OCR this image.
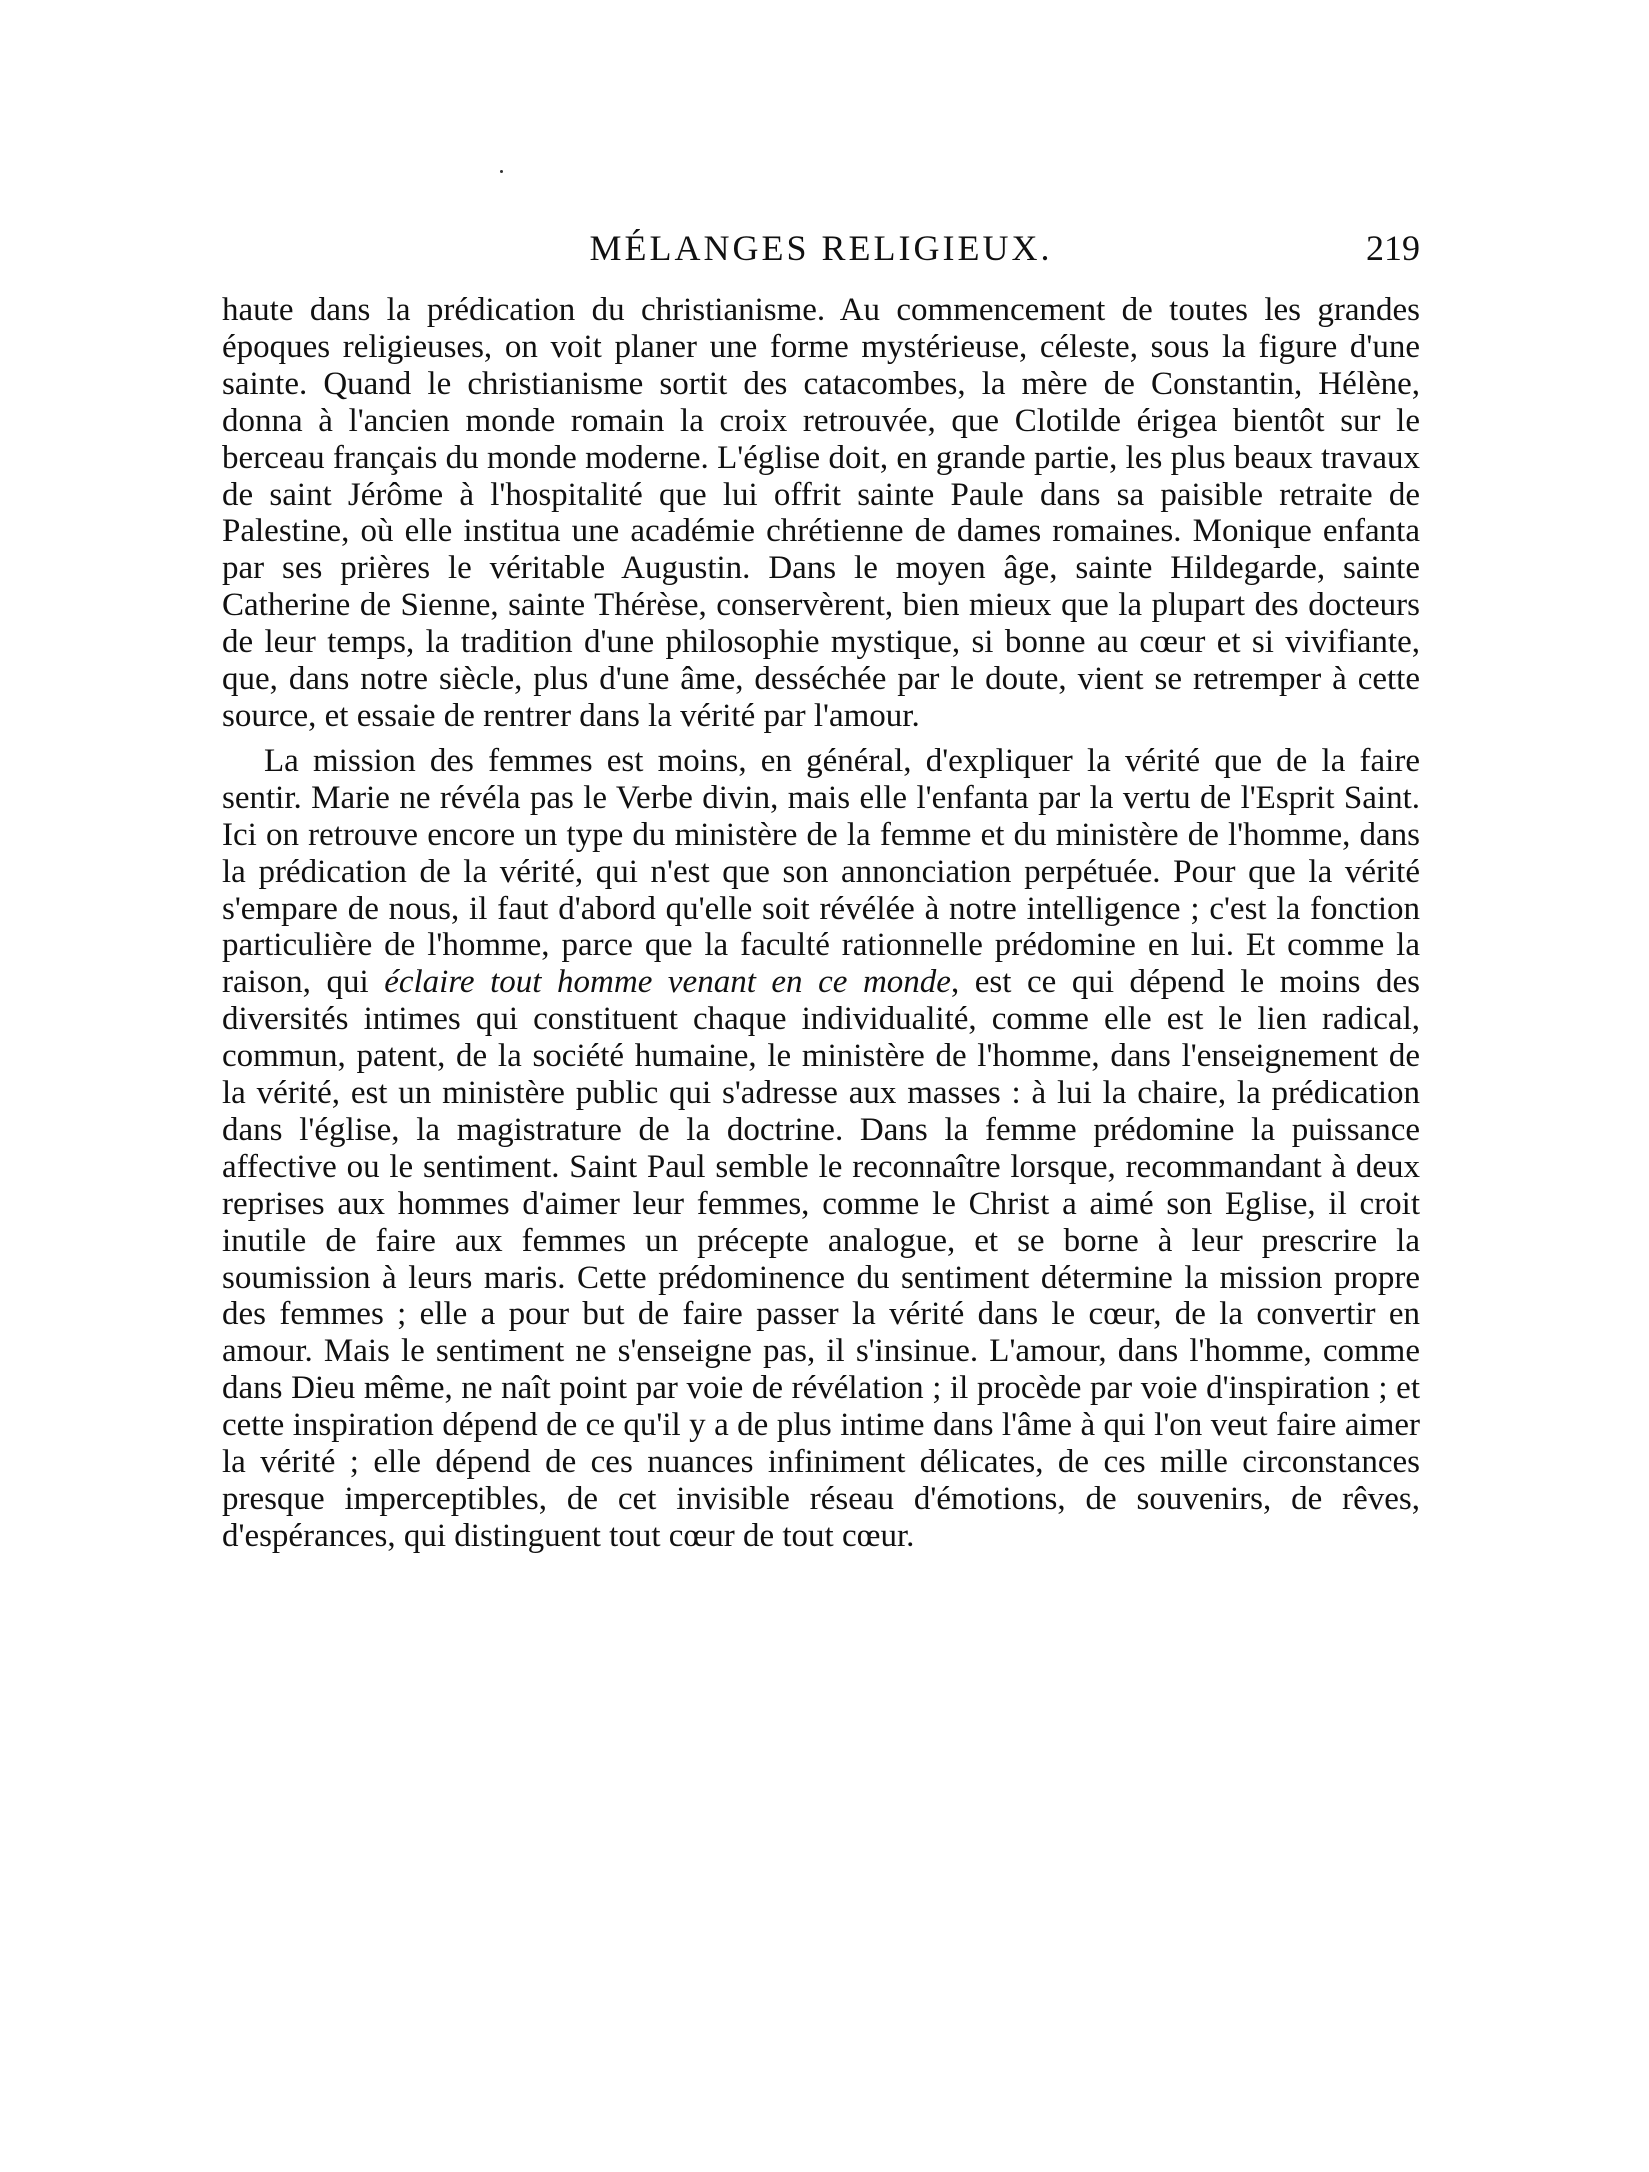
MÉLANGES RELIGIEUX.	219

haute dans la prédication du christianisme. Au commencement de toutes les grandes époques religieuses, on voit planer une forme mystérieuse, céleste, sous la figure d'une sainte. Quand le christianisme sortit des catacombes, la mère de Constantin, Hélène, donna à l'ancien monde romain la croix retrouvée, que Clotilde érigea bientôt sur le berceau français du monde moderne. L'église doit, en grande partie, les plus beaux travaux de saint Jérôme à l'hospitalité que lui offrit sainte Paule dans sa paisible retraite de Palestine, où elle institua une académie chrétienne de dames romaines. Monique enfanta par ses prières le véritable Augustin. Dans le moyen âge, sainte Hildegarde, sainte Catherine de Sienne, sainte Thérèse, conservèrent, bien mieux que la plupart des docteurs de leur temps, la tradition d'une philosophie mystique, si bonne au cœur et si vivifiante, que, dans notre siècle, plus d'une âme, desséchée par le doute, vient se retremper à cette source, et essaie de rentrer dans la vérité par l'amour.

La mission des femmes est moins, en général, d'expliquer la vérité que de la faire sentir. Marie ne révéla pas le Verbe divin, mais elle l'enfanta par la vertu de l'Esprit Saint. Ici on retrouve encore un type du ministère de la femme et du ministère de l'homme, dans la prédication de la vérité, qui n'est que son annonciation perpétuée. Pour que la vérité s'empare de nous, il faut d'abord qu'elle soit révélée à notre intelligence ; c'est la fonction particulière de l'homme, parce que la faculté rationnelle prédomine en lui. Et comme la raison, qui éclaire tout homme venant en ce monde, est ce qui dépend le moins des diversités intimes qui constituent chaque individualité, comme elle est le lien radical, commun, patent, de la société humaine, le ministère de l'homme, dans l'enseignement de la vérité, est un ministère public qui s'adresse aux masses : à lui la chaire, la prédication dans l'église, la magistrature de la doctrine. Dans la femme prédomine la puissance affective ou le sentiment. Saint Paul semble le reconnaître lorsque, recommandant à deux reprises aux hommes d'aimer leur femmes, comme le Christ a aimé son Eglise, il croit inutile de faire aux femmes un précepte analogue, et se borne à leur prescrire la soumission à leurs maris. Cette prédominence du sentiment détermine la mission propre des femmes ; elle a pour but de faire passer la vérité dans le cœur, de la convertir en amour. Mais le sentiment ne s'enseigne pas, il s'insinue. L'amour, dans l'homme, comme dans Dieu même, ne naît point par voie de révélation ; il procède par voie d'inspiration ; et cette inspiration dépend de ce qu'il y a de plus intime dans l'âme à qui l'on veut faire aimer la vérité ; elle dépend de ces nuances infiniment délicates, de ces mille circonstances presque imperceptibles, de cet invisible réseau d'émotions, de souvenirs, de rêves, d'espérances, qui distinguent tout cœur de tout cœur.
